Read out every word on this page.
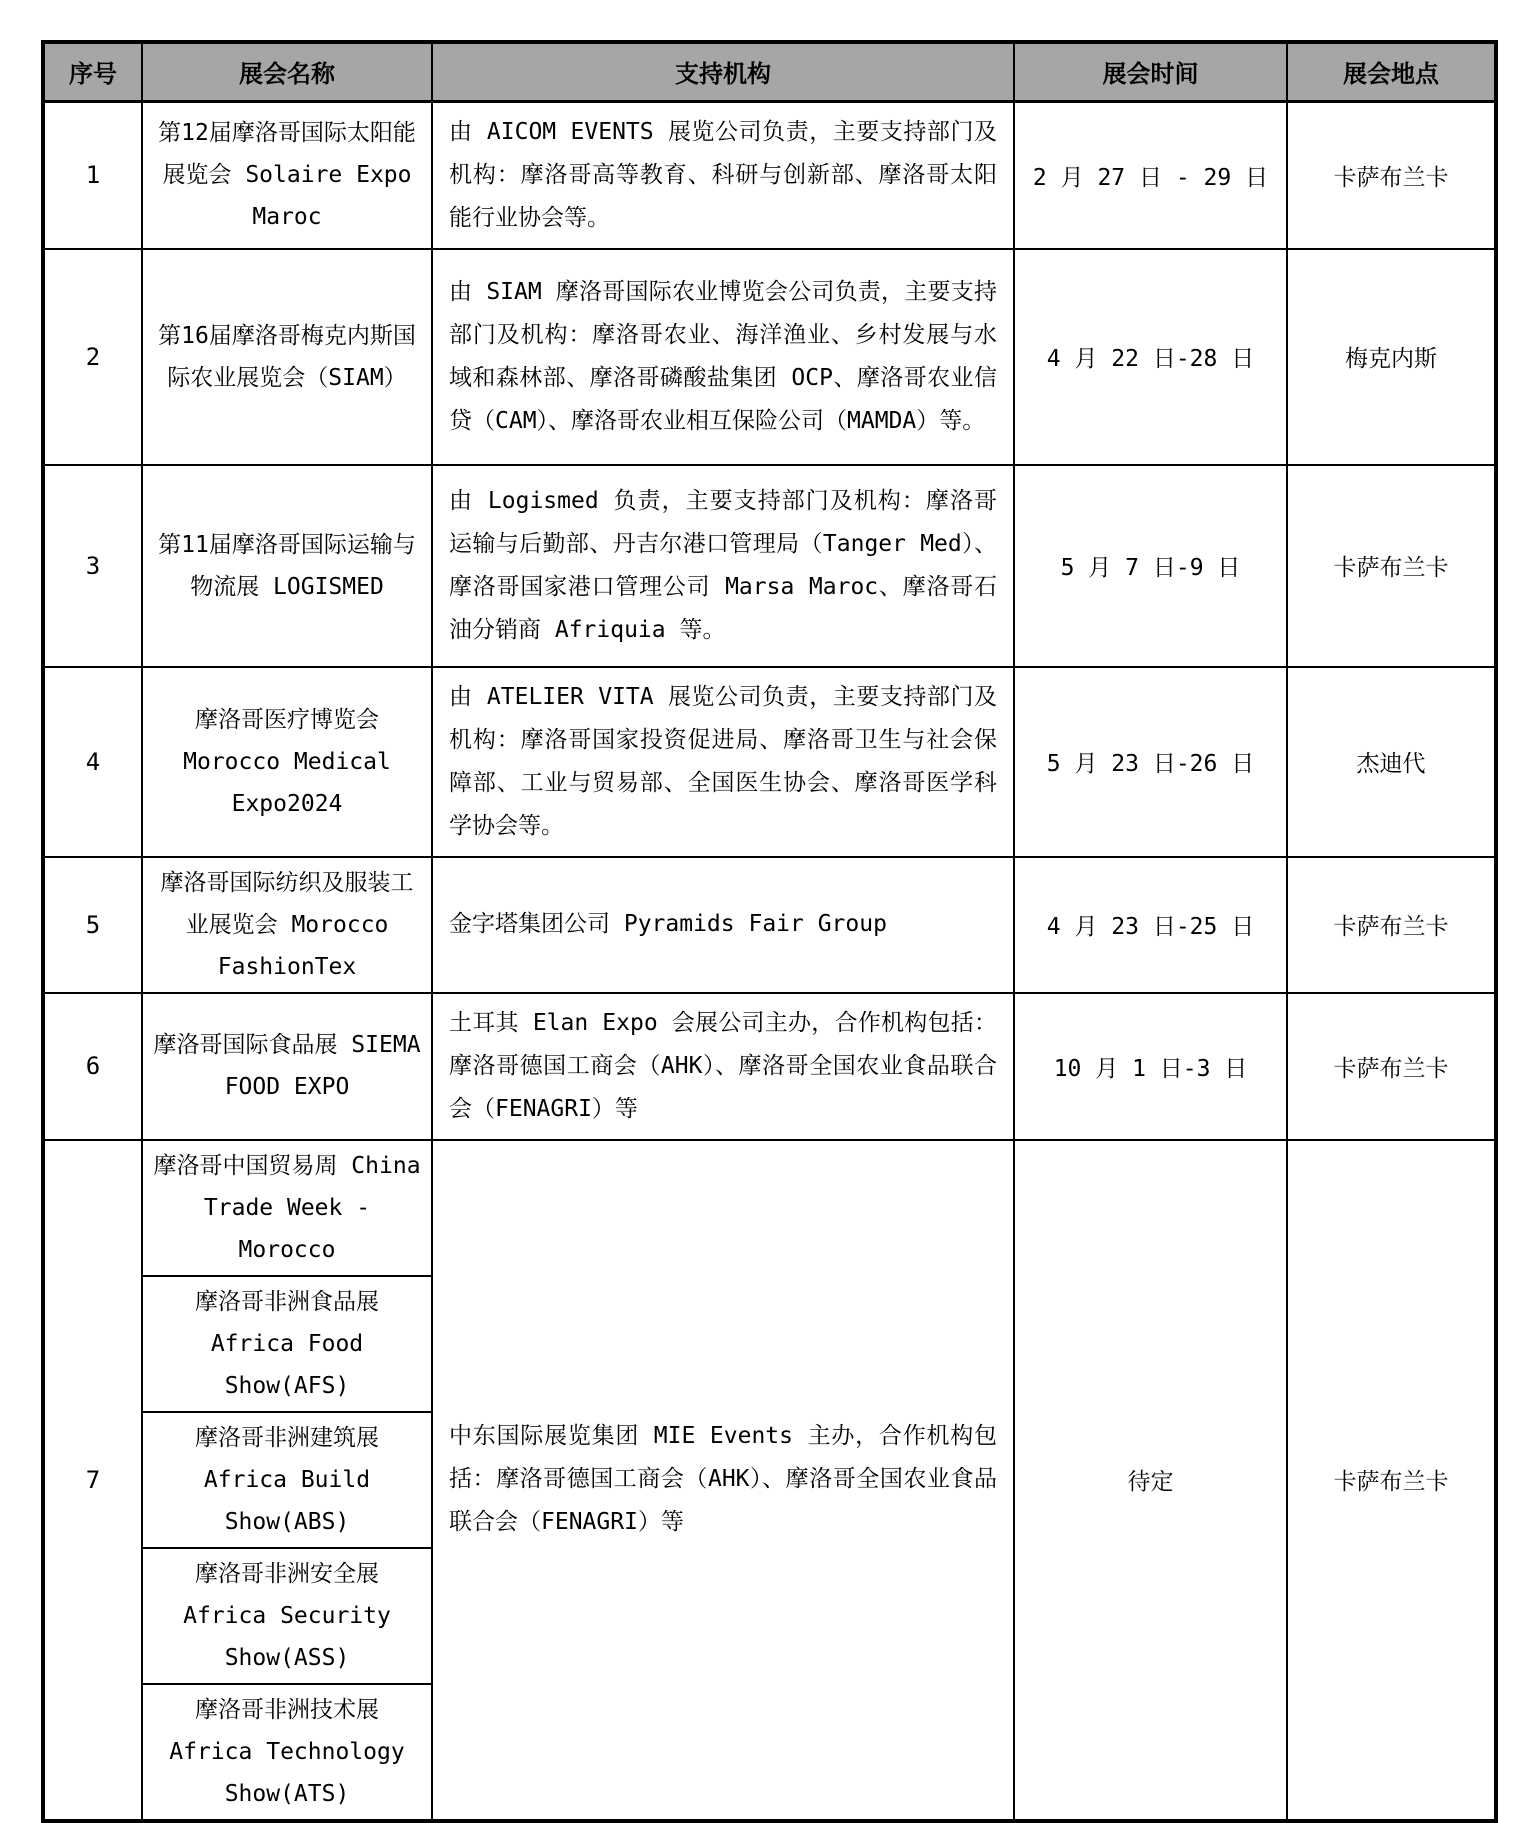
序号	展会名称	支持机构	展会时间	展会地点
1	第12届摩洛哥国际太阳能展览会 Solaire Expo Maroc	由 AICOM EVENTS 展览公司负责，主要支持部门及机构：摩洛哥高等教育、科研与创新部、摩洛哥太阳能行业协会等。	2 月 27 日 - 29 日	卡萨布兰卡
2	第16届摩洛哥梅克内斯国际农业展览会（SIAM）	由 SIAM 摩洛哥国际农业博览会公司负责，主要支持部门及机构：摩洛哥农业、海洋渔业、乡村发展与水域和森林部、摩洛哥磷酸盐集团 OCP、摩洛哥农业信贷（CAM）、摩洛哥农业相互保险公司（MAMDA）等。	4 月 22 日-28 日	梅克内斯
3	第11届摩洛哥国际运输与物流展 LOGISMED	由 Logismed 负责，主要支持部门及机构：摩洛哥运输与后勤部、丹吉尔港口管理局（Tanger Med）、摩洛哥国家港口管理公司 Marsa Maroc、摩洛哥石油分销商 Afriquia 等。	5 月 7 日-9 日	卡萨布兰卡
4	摩洛哥医疗博览会 Morocco Medical Expo2024	由 ATELIER VITA 展览公司负责，主要支持部门及机构：摩洛哥国家投资促进局、摩洛哥卫生与社会保障部、工业与贸易部、全国医生协会、摩洛哥医学科学协会等。	5 月 23 日-26 日	杰迪代
5	摩洛哥国际纺织及服装工业展览会 Morocco FashionTex	金字塔集团公司 Pyramids Fair Group	4 月 23 日-25 日	卡萨布兰卡
6	摩洛哥国际食品展 SIEMA FOOD EXPO	土耳其 Elan Expo 会展公司主办，合作机构包括：摩洛哥德国工商会（AHK）、摩洛哥全国农业食品联合会（FENAGRI）等	10 月 1 日-3 日	卡萨布兰卡
7	摩洛哥中国贸易周 China Trade Week - Morocco	中东国际展览集团 MIE Events 主办，合作机构包括：摩洛哥德国工商会（AHK）、摩洛哥全国农业食品联合会（FENAGRI）等	待定	卡萨布兰卡
	摩洛哥非洲食品展 Africa Food Show(AFS)			
	摩洛哥非洲建筑展 Africa Build Show(ABS)			
	摩洛哥非洲安全展 Africa Security Show(ASS)			
	摩洛哥非洲技术展 Africa Technology Show(ATS)			
